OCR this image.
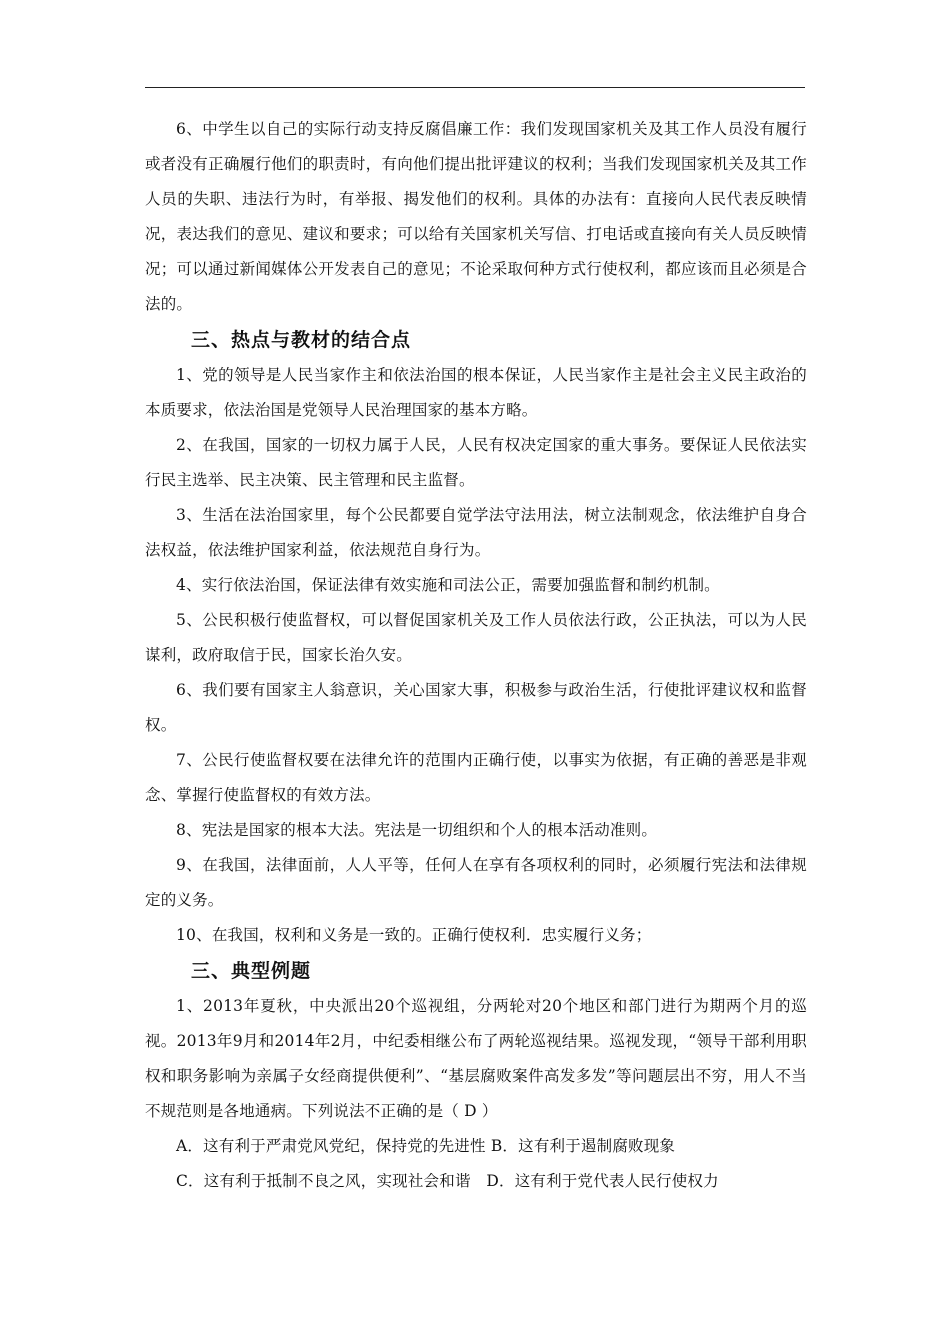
6、中学生以自己的实际行动支持反腐倡廉工作：我们发现国家机关及其工作人员没有履行或者没有正确履行他们的职责时，有向他们提出批评建议的权利；当我们发现国家机关及其工作人员的失职、违法行为时，有举报、揭发他们的权利。具体的办法有：直接向人民代表反映情况，表达我们的意见、建议和要求；可以给有关国家机关写信、打电话或直接向有关人员反映情况；可以通过新闻媒体公开发表自己的意见；不论采取何种方式行使权利，都应该而且必须是合法的。

三、热点与教材的结合点

1、党的领导是人民当家作主和依法治国的根本保证，人民当家作主是社会主义民主政治的本质要求，依法治国是党领导人民治理国家的基本方略。

2、在我国，国家的一切权力属于人民，人民有权决定国家的重大事务。要保证人民依法实行民主选举、民主决策、民主管理和民主监督。

3、生活在法治国家里，每个公民都要自觉学法守法用法，树立法制观念，依法维护自身合法权益，依法维护国家利益，依法规范自身行为。

4、实行依法治国，保证法律有效实施和司法公正，需要加强监督和制约机制。

5、公民积极行使监督权，可以督促国家机关及工作人员依法行政，公正执法，可以为人民谋利，政府取信于民，国家长治久安。

6、我们要有国家主人翁意识，关心国家大事，积极参与政治生活，行使批评建议权和监督权。

7、公民行使监督权要在法律允许的范围内正确行使，以事实为依据，有正确的善恶是非观念、掌握行使监督权的有效方法。

8、宪法是国家的根本大法。宪法是一切组织和个人的根本活动准则。

9、在我国，法律面前，人人平等，任何人在享有各项权利的同时，必须履行宪法和法律规定的义务。

10、在我国，权利和义务是一致的。正确行使权利．忠实履行义务；

三、典型例题

1、2013年夏秋，中央派出20个巡视组，分两轮对20个地区和部门进行为期两个月的巡视。2013年9月和2014年2月，中纪委相继公布了两轮巡视结果。巡视发现，“领导干部利用职权和职务影响为亲属子女经商提供便利”、“基层腐败案件高发多发”等问题层出不穷，用人不当不规范则是各地通病。下列说法不正确的是（ D ）

A．这有利于严肃党风党纪，保持党的先进性 B．这有利于遏制腐败现象

C．这有利于抵制不良之风，实现社会和谐　D．这有利于党代表人民行使权力
